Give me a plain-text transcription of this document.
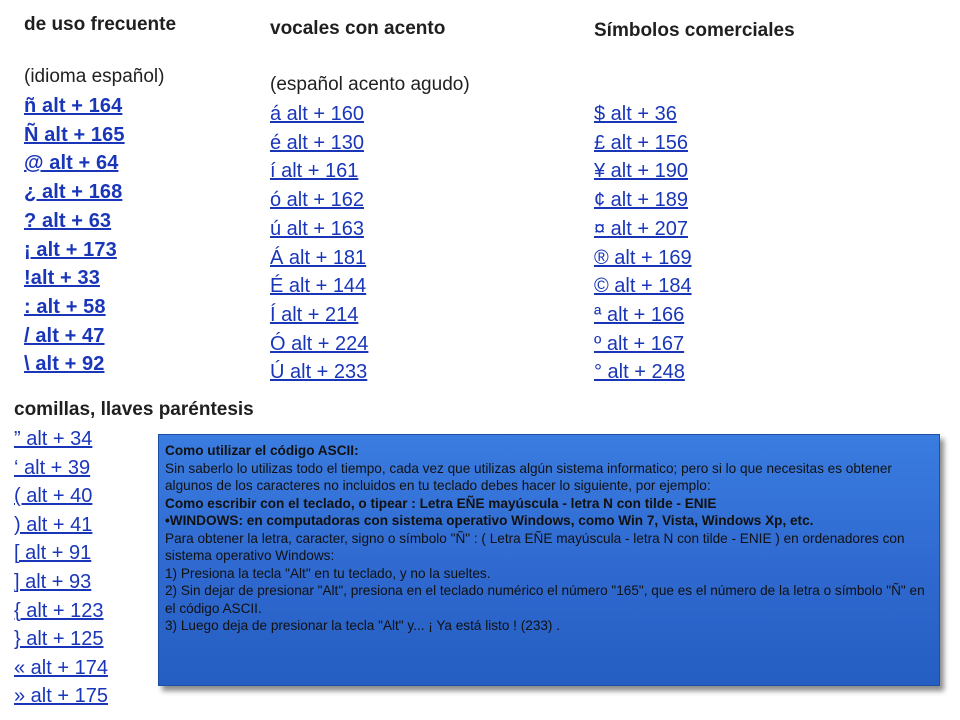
de uso frecuente
(idioma español)
ñ alt + 164
Ñ alt + 165
@ alt + 64
¿ alt + 168
? alt + 63
¡ alt + 173
!alt + 33
: alt + 58
/ alt + 47
\ alt + 92
vocales con acento
(español acento agudo)
á alt + 160
é alt + 130
í alt + 161
ó alt + 162
ú alt + 163
Á alt + 181
É alt + 144
Í alt + 214
Ó alt + 224
Ú alt + 233
Símbolos comerciales
$ alt + 36
£ alt + 156
¥ alt + 190
¢ alt + 189
¤ alt + 207
® alt + 169
© alt + 184
ª alt + 166
º alt + 167
° alt + 248
comillas, llaves paréntesis
” alt + 34
‘ alt + 39
( alt + 40
) alt + 41
[ alt + 91
] alt + 93
{ alt + 123
} alt + 125
« alt + 174
» alt + 175
Como utilizar el código ASCII:
Sin saberlo lo utilizas todo el tiempo, cada vez que utilizas algún sistema informatico; pero si lo que necesitas es obtener algunos de los caracteres no incluidos en tu teclado debes hacer lo siguiente, por ejemplo:
Como escribir con el teclado, o tipear : Letra EÑE mayúscula - letra N con tilde - ENIE
•WINDOWS: en computadoras con sistema operativo Windows, como Win 7, Vista, Windows Xp, etc.
Para obtener la letra, caracter, signo o símbolo "Ñ" : ( Letra EÑE mayúscula - letra N con tilde - ENIE ) en ordenadores con sistema operativo Windows:
1) Presiona la tecla "Alt" en tu teclado, y no la sueltes.
2) Sin dejar de presionar "Alt", presiona en el teclado numérico el número "165", que es el número de la letra o símbolo "Ñ" en el código ASCII.
3) Luego deja de presionar la tecla "Alt" y... ¡ Ya está listo ! (233) .
